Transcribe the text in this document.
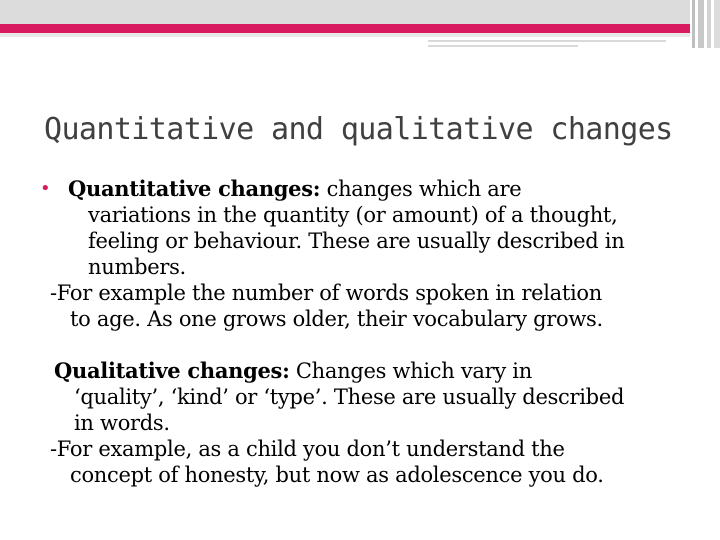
Quantitative and qualitative changes

• Quantitative changes: changes which are
variations in the quantity (or amount) of a thought,
feeling or behaviour. These are usually described in
numbers.

-For example the number of words spoken in relation
to age. As one grows older, their vocabulary grows.

Qualitative changes: Changes which vary in
‘quality’, ‘kind’ or ‘type’. These are usually described
in words.

-For example, as a child you don’t understand the
concept of honesty, but now as adolescence you do.
